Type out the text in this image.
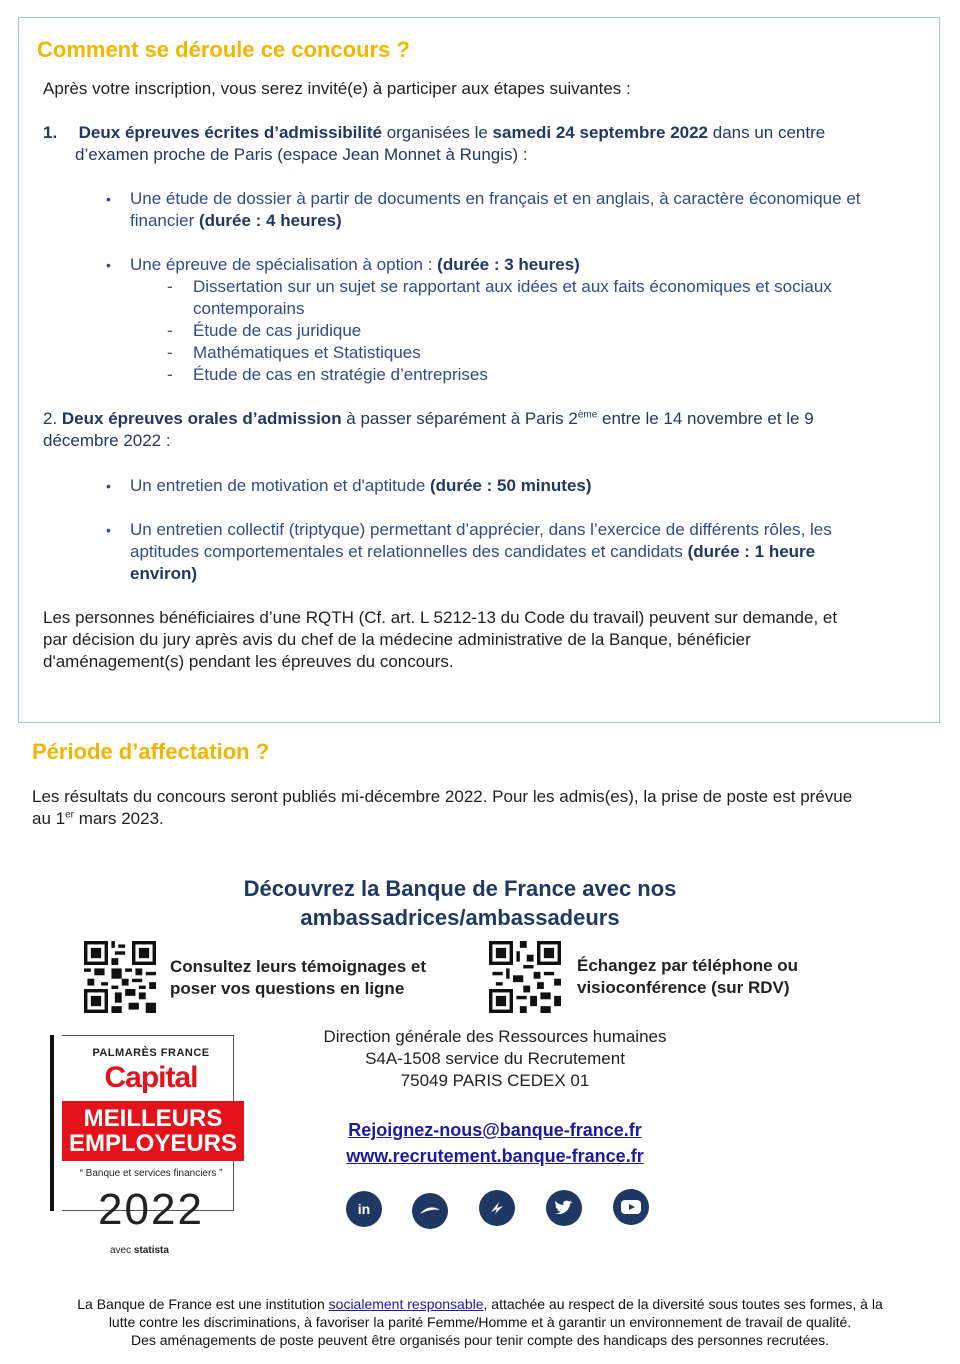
Comment se déroule ce concours ?

Après votre inscription, vous serez invité(e) à participer aux étapes suivantes :

1. Deux épreuves écrites d’admissibilité organisées le samedi 24 septembre 2022 dans un centre
d’examen proche de Paris (espace Jean Monnet à Rungis) :
• Une étude de dossier à partir de documents en français et en anglais, à caractère économique et
financier (durée : 4 heures)
• Une épreuve de spécialisation à option : (durée : 3 heures)
- Dissertation sur un sujet se rapportant aux idées et aux faits économiques et sociaux
contemporains
- Étude de cas juridique
- Mathématiques et Statistiques
- Étude de cas en stratégie d’entreprises
2. Deux épreuves orales d’admission à passer séparément à Paris 2ème entre le 14 novembre et le 9
décembre 2022 :
• Un entretien de motivation et d'aptitude (durée : 50 minutes)
• Un entretien collectif (triptyque) permettant d’apprécier, dans l’exercice de différents rôles, les
aptitudes comportementales et relationnelles des candidates et candidats (durée : 1 heure
environ)
Les personnes bénéficiaires d’une RQTH (Cf. art. L 5212-13 du Code du travail) peuvent sur demande, et
par décision du jury après avis du chef de la médecine administrative de la Banque, bénéficier
d'aménagement(s) pendant les épreuves du concours.
Période d’affectation ?
Les résultats du concours seront publiés mi-décembre 2022. Pour les admis(es), la prise de poste est prévue
au 1er mars 2023.
Découvrez la Banque de France avec nos
ambassadrices/ambassadeurs
Consultez leurs témoignages et
poser vos questions en ligne
Échangez par téléphone ou
visioconférence (sur RDV)
PALMARÈS FRANCE
Capital
MEILLEURS
EMPLOYEURS
“ Banque et services financiers ”
2022
avec statista
Direction générale des Ressources humaines
S4A-1508 service du Recrutement
75049 PARIS CEDEX 01
Rejoignez-nous@banque-france.fr
www.recrutement.banque-france.fr
in
La Banque de France est une institution socialement responsable, attachée au respect de la diversité sous toutes ses formes, à la
lutte contre les discriminations, à favoriser la parité Femme/Homme et à garantir un environnement de travail de qualité.
Des aménagements de poste peuvent être organisés pour tenir compte des handicaps des personnes recrutées.
